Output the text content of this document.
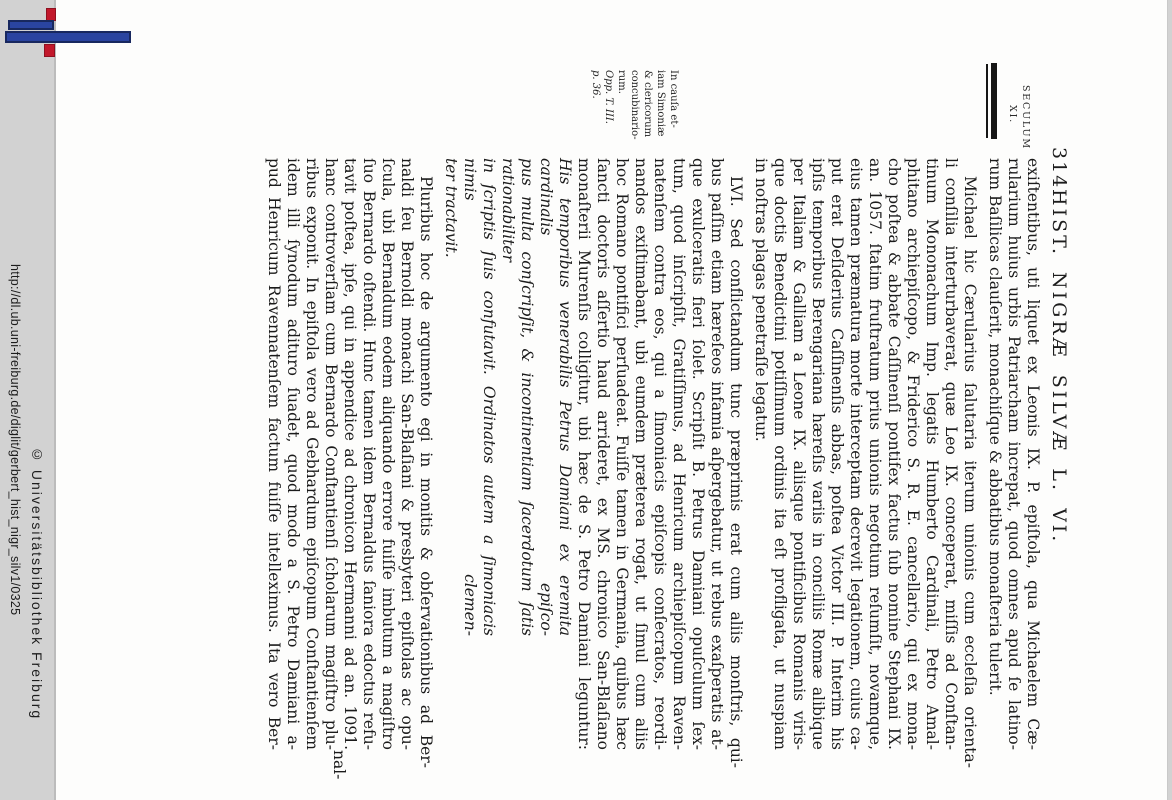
http://dl.ub.uni-freiburg.de/diglit/gerbert_hist_nigr_silv1/0325 © Universitätsbibliothek Freiburg
314HIST. NIGRÆ SILVÆ L. VI.
SECULUM
XI.
In cauſa et-
iam Simoniæ
& clericorum
concubinario-
rum.
Opp. T. III.
p. 36.
exiſtentibus, uti liquet ex Leonis IX. P. epiſtola, qua Michaelem Cæ-
rularium huius urbis Patriarcham increpat, quod omnes apud ſe latino-
rum Baſilicas clauſerit, monachiſque & abbatibus monaſteria tulerit.
Michael hic Cærularius ſalutaria iterum unionis cum eccleſia orienta-
li conſilia interturbaverat, quæ Leo IX. conceperat, miſſis ad Conſtan-
tinum Mononachum Imp. legatis Humberto Cardinali, Petro Amal-
phitano archiepiſcopo, & Friderico S. R. E. cancellario, qui ex mona-
cho poſtea & abbate Caſſinenſi pontifex factus ſub nomine Stephani IX.
an. 1057. ſtatim fruſtratum prius unionis negotium reſumſit, novamque,
eius tamen præmatura morte interceptam decrevit legationem, cuius ca-
put erat Deſiderius Caſſinenſis abbas, poſtea Victor III. P. Interim his
ipſis temporibus Berengariana hæreſis variis in conciliis Romæ alibique
per Italiam & Galliam a Leone IX. aliisque pontificibus Romanis viris-
que doctis Benedictini potiſſimum ordinis ita eſt profligata, ut nuspiam
in noſtras plagas penetraſſe legatur.
LVI. Sed conflictandum tunc præprimis erat cum aliis monſtris, qui-
bus paſſim etiam hæreſeos infamia aſpergebatur, ut rebus exaſperatis at-
que exulceratis fieri ſolet. Scripſit B. Petrus Damiani opuſculum ſex-
tum, quod inſcripſit, Gratiſſimus, ad Henricum archiepiſcopum Raven-
natenſem contra eos, qui a ſimoniacis epiſcopis conſecratos, reordi-
nandos exiſtimabant, ubi eumdem præterea rogat, ut ſimul cum aliis
hoc Romano pontifici perſuadeat. Fuiſſe tamen in Germania, quibus hæc
ſancti doctoris aſſertio haud arrideret, ex MS. chronico San-Blaſiano
monaſterii Murenſis colligitur, ubi hæc de S. Petro Damiani leguntur:
His temporibus venerabilis Petrus Damiani ex eremita cardinalis epiſco-
pus multa conſcripſit, & incontinentiam ſacerdotum ſatis rationabiliter
in ſcriptis ſuis confutavit. Ordinatos autem a ſimoniacis nimis clemen-
ter tractavit.
Pluribus hoc de argumento egi in monitis & obſervationibus ad Ber-
naldi ſeu Bernoldi monachi San-Blaſiani & presbyteri epiſtolas ac opu-
ſcula, ubi Bernaldum eodem aliquando errore fuiſſe imbutum a magiſtro
ſuo Bernardo oſtendi. Hunc tamen idem Bernaldus ſaniora edoctus refu-
tavit poſtea, ipſe, qui in appendice ad chronicon Hermanni ad an. 1091.
hanc controverſiam cum Bernardo Conſtantienſi ſcholarum magiſtro plu-
ribus exponit. In epiſtola vero ad Gebhardum epiſcopum Conſtantienſem
idem illi ſynodum adituro ſuadet, quod modo a S. Petro Damiani a-
pud Henricum Ravennatenſem factum fuiſſe intelleximus. Ita vero Ber-
nal-
